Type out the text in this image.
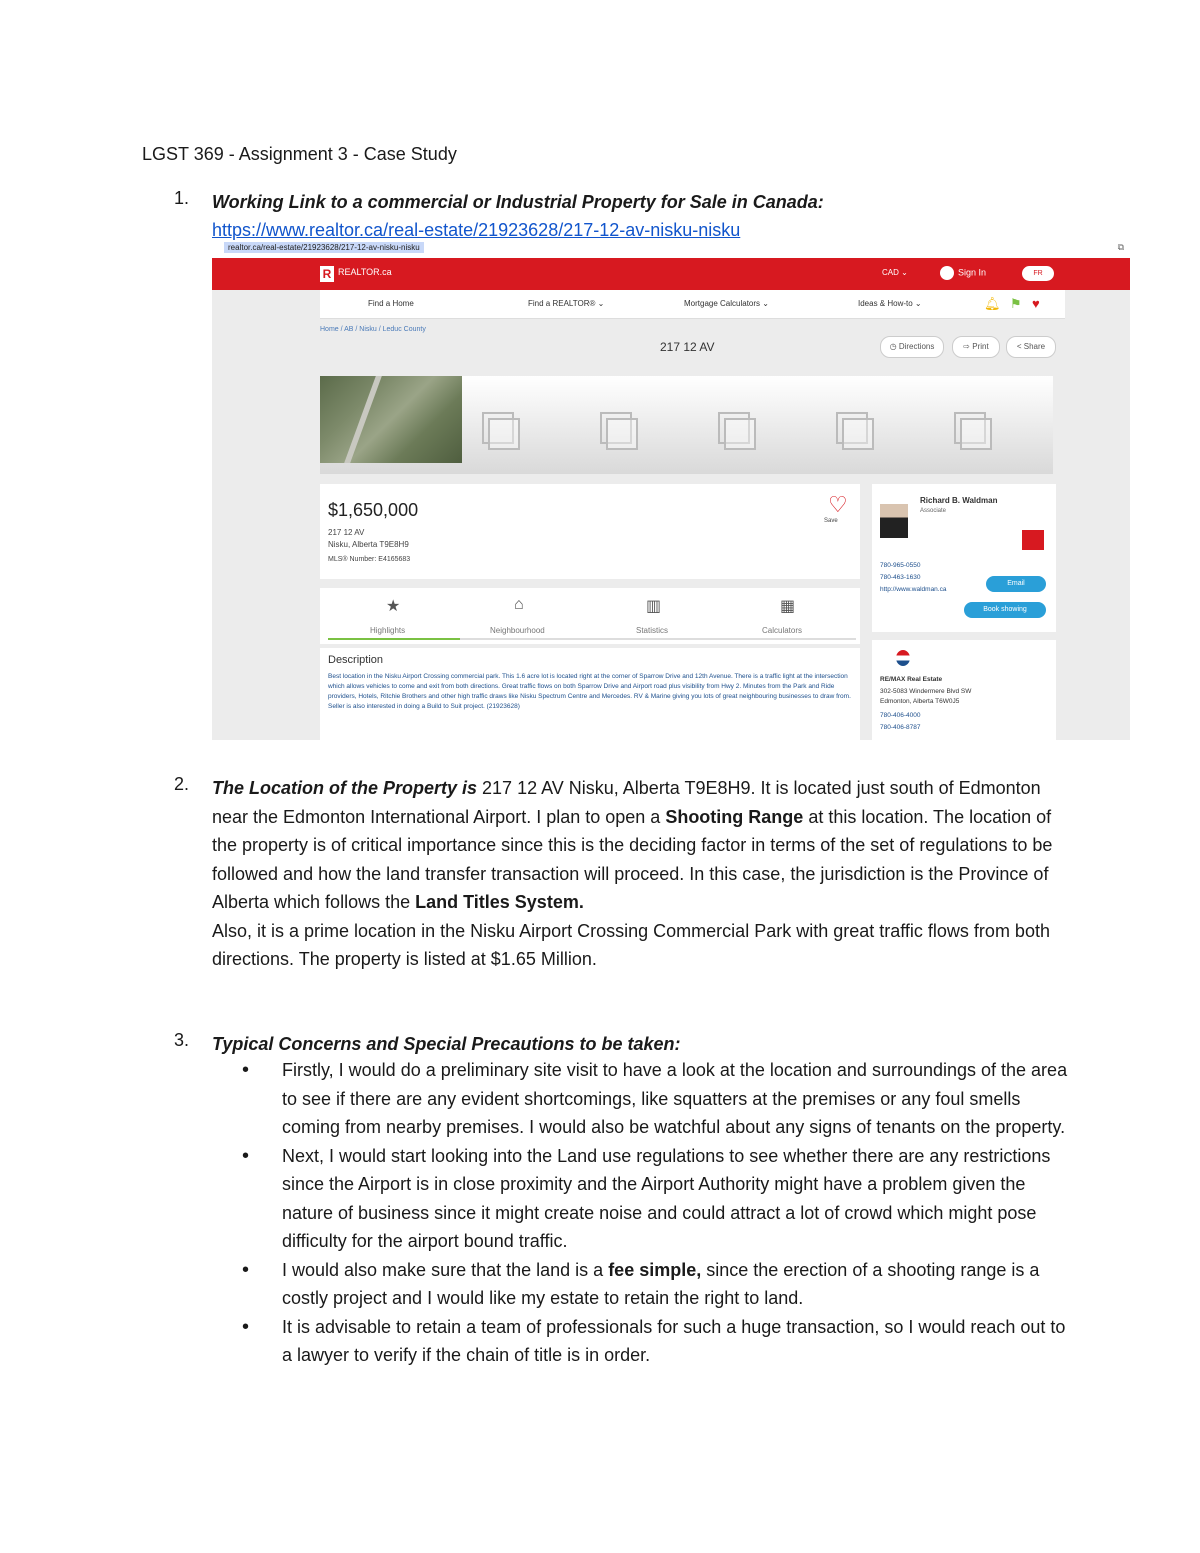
LGST 369 - Assignment 3 - Case Study
1. Working Link to a commercial or Industrial Property for Sale in Canada:
https://www.realtor.ca/real-estate/21923628/217-12-av-nisku-nisku
realtor.ca/real-estate/21923628/217-12-av-nisku-nisku	⧉
R REALTOR.ca	CAD ⌄	Sign In	FR
Find a Home	Find a REALTOR® ⌄	Mortgage Calculators ⌄	Ideas & How-to ⌄	🔔︎ ⚑ ♥
Home / AB / Nisku / Leduc County
217 12 AV	◷ Directions	⇨ Print	< Share
$1,650,000
217 12 AV
Nisku, Alberta T9E8H9
MLS® Number: E4165683
♡
Save
★
Highlights
⌂
Neighbourhood
▥
Statistics
▦
Calculators
Description
Best location in the Nisku Airport Crossing commercial park. This 1.6 acre lot is located right at the corner of Sparrow Drive and 12th Avenue. There is a traffic light at the intersection which allows vehicles to come and exit from both directions. Great traffic flows on both Sparrow Drive and Airport road plus visibility from Hwy 2. Minutes from the Park and Ride providers, Hotels, Ritchie Brothers and other high traffic draws like Nisku Spectrum Centre and Mercedes. RV & Marine giving you lots of great neighbouring businesses to draw from. Seller is also interested in doing a Build to Suit project. (21923628)
Richard B. Waldman
Associate
780-965-0550
780-463-1630
http://www.waldman.ca
Email
Book showing
RE/MAX Real Estate
302-5083 Windermere Blvd SW
Edmonton, Alberta T6W0J5
780-406-4000
780-406-8787
2. The Location of the Property is 217 12 AV Nisku, Alberta T9E8H9. It is located just south of Edmonton near the Edmonton International Airport. I plan to open a Shooting Range at this location. The location of the property is of critical importance since this is the deciding factor in terms of the set of regulations to be followed and how the land transfer transaction will proceed. In this case, the jurisdiction is the Province of Alberta which follows the Land Titles System.
Also, it is a prime location in the Nisku Airport Crossing Commercial Park with great traffic flows from both directions. The property is listed at $1.65 Million.
3. Typical Concerns and Special Precautions to be taken:
• Firstly, I would do a preliminary site visit to have a look at the location and surroundings of the area to see if there are any evident shortcomings, like squatters at the premises or any foul smells coming from nearby premises. I would also be watchful about any signs of tenants on the property.
• Next, I would start looking into the Land use regulations to see whether there are any restrictions since the Airport is in close proximity and the Airport Authority might have a problem given the nature of business since it might create noise and could attract a lot of crowd which might pose difficulty for the airport bound traffic.
• I would also make sure that the land is a fee simple, since the erection of a shooting range is a costly project and I would like my estate to retain the right to land.
• It is advisable to retain a team of professionals for such a huge transaction, so I would reach out to a lawyer to verify if the chain of title is in order.
